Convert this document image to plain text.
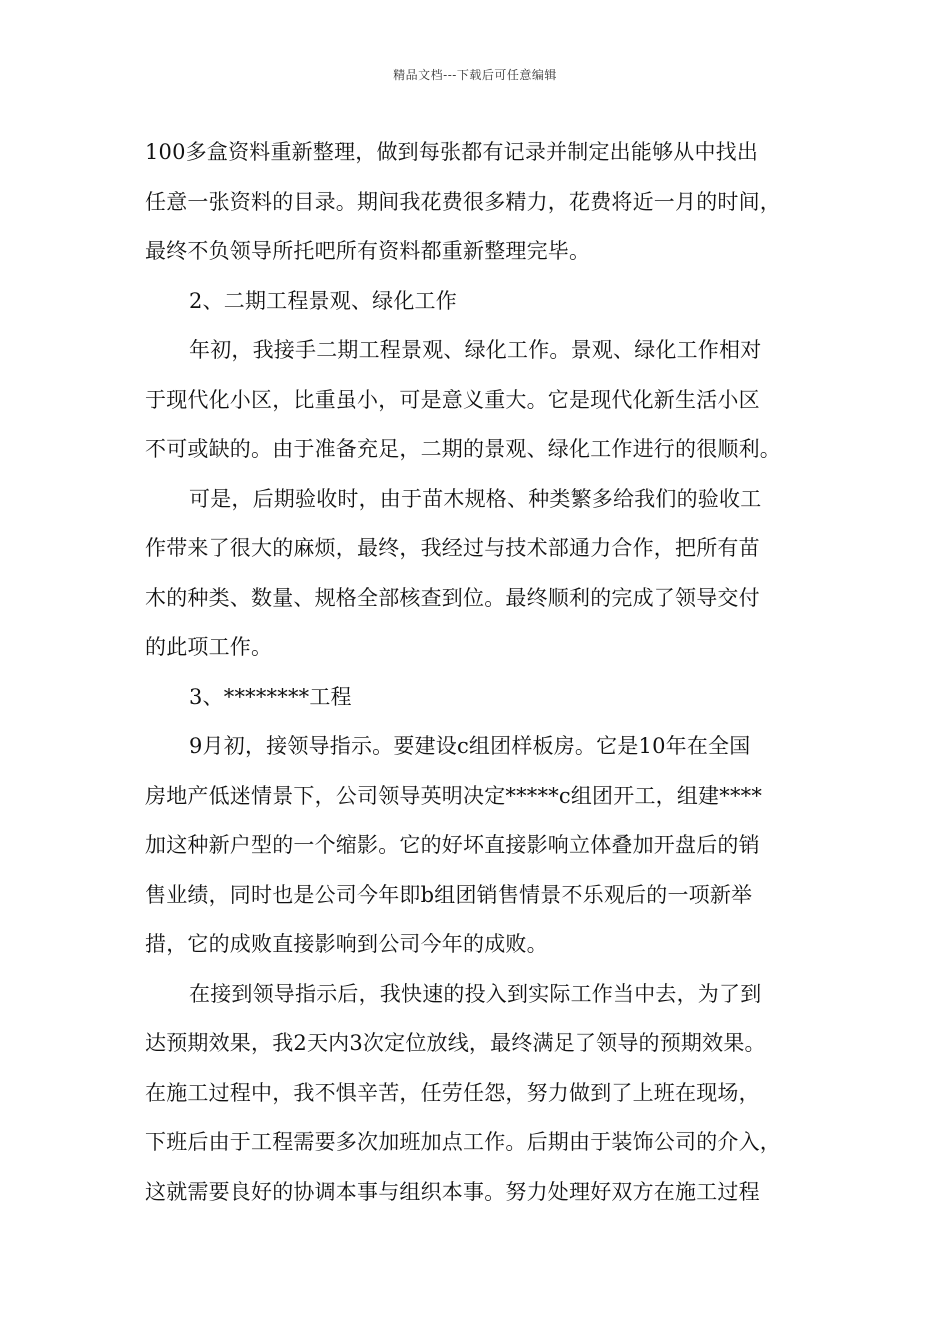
精品文档---下载后可任意编辑
100多盒资料重新整理，做到每张都有记录并制定出能够从中找出
任意一张资料的目录。期间我花费很多精力，花费将近一月的时间，
最终不负领导所托吧所有资料都重新整理完毕。
2、二期工程景观、绿化工作
年初，我接手二期工程景观、绿化工作。景观、绿化工作相对
于现代化小区，比重虽小，可是意义重大。它是现代化新生活小区
不可或缺的。由于准备充足，二期的景观、绿化工作进行的很顺利。
可是，后期验收时，由于苗木规格、种类繁多给我们的验收工
作带来了很大的麻烦，最终，我经过与技术部通力合作，把所有苗
木的种类、数量、规格全部核查到位。最终顺利的完成了领导交付
的此项工作。
3、********工程
9月初，接领导指示。要建设c组团样板房。它是10年在全国
房地产低迷情景下，公司领导英明决定*****c组团开工，组建****
加这种新户型的一个缩影。它的好坏直接影响立体叠加开盘后的销
售业绩，同时也是公司今年即b组团销售情景不乐观后的一项新举
措，它的成败直接影响到公司今年的成败。
在接到领导指示后，我快速的投入到实际工作当中去，为了到
达预期效果，我2天内3次定位放线，最终满足了领导的预期效果。
在施工过程中，我不惧辛苦，任劳任怨，努力做到了上班在现场，
下班后由于工程需要多次加班加点工作。后期由于装饰公司的介入，
这就需要良好的协调本事与组织本事。努力处理好双方在施工过程
